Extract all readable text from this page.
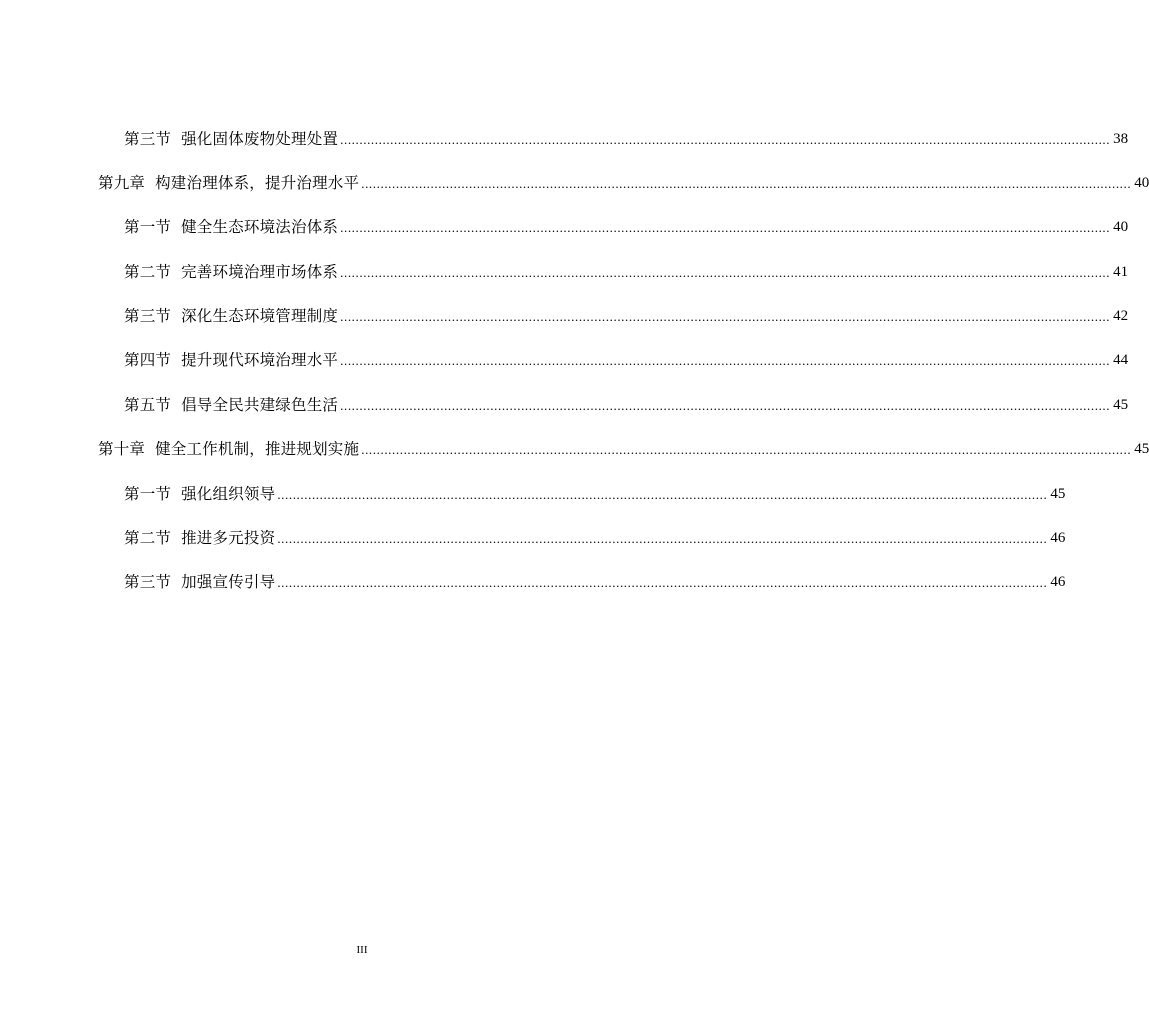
第三节 强化固体废物处理处置 ........................................................................................................................................................................................................ 38
第九章 构建治理体系，提升治理水平 ........................................................................................................................................................................................................ 40
第一节 健全生态环境法治体系 ........................................................................................................................................................................................................ 40
第二节 完善环境治理市场体系 ........................................................................................................................................................................................................ 41
第三节 深化生态环境管理制度 ........................................................................................................................................................................................................ 42
第四节 提升现代环境治理水平 ........................................................................................................................................................................................................ 44
第五节 倡导全民共建绿色生活 ........................................................................................................................................................................................................ 45
第十章 健全工作机制，推进规划实施 ........................................................................................................................................................................................................ 45
第一节 强化组织领导 ........................................................................................................................................................................................................ 45
第二节 推进多元投资 ........................................................................................................................................................................................................ 46
第三节 加强宣传引导 ........................................................................................................................................................................................................ 46
III
